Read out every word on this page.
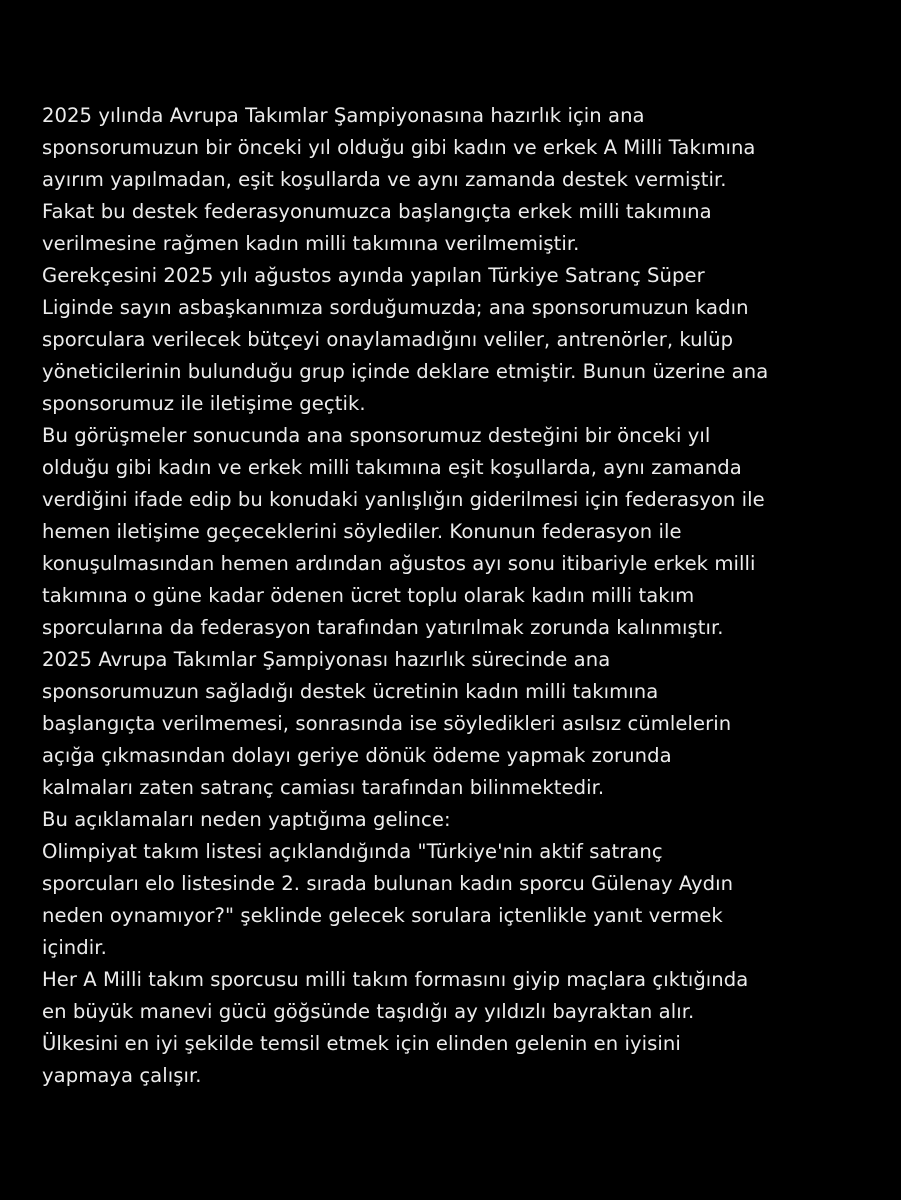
2025 yılında Avrupa Takımlar Şampiyonasına hazırlık için ana
sponsorumuzun bir önceki yıl olduğu gibi kadın ve erkek A Milli Takımına
ayırım yapılmadan, eşit koşullarda ve aynı zamanda destek vermiştir.
Fakat bu destek federasyonumuzca başlangıçta erkek milli takımına
verilmesine rağmen kadın milli takımına verilmemiştir.
Gerekçesini 2025 yılı ağustos ayında yapılan Türkiye Satranç Süper
Liginde sayın asbaşkanımıza sorduğumuzda; ana sponsorumuzun kadın
sporculara verilecek bütçeyi onaylamadığını veliler, antrenörler, kulüp
yöneticilerinin bulunduğu grup içinde deklare etmiştir. Bunun üzerine ana
sponsorumuz ile iletişime geçtik.
Bu görüşmeler sonucunda ana sponsorumuz desteğini bir önceki yıl
olduğu gibi kadın ve erkek milli takımına eşit koşullarda, aynı zamanda
verdiğini ifade edip bu konudaki yanlışlığın giderilmesi için federasyon ile
hemen iletişime geçeceklerini söylediler. Konunun federasyon ile
konuşulmasından hemen ardından ağustos ayı sonu itibariyle erkek milli
takımına o güne kadar ödenen ücret toplu olarak kadın milli takım
sporcularına da federasyon tarafından yatırılmak zorunda kalınmıştır.
2025 Avrupa Takımlar Şampiyonası hazırlık sürecinde ana
sponsorumuzun sağladığı destek ücretinin kadın milli takımına
başlangıçta verilmemesi, sonrasında ise söyledikleri asılsız cümlelerin
açığa çıkmasından dolayı geriye dönük ödeme yapmak zorunda
kalmaları zaten satranç camiası tarafından bilinmektedir.
Bu açıklamaları neden yaptığıma gelince:
Olimpiyat takım listesi açıklandığında "Türkiye'nin aktif satranç
sporcuları elo listesinde 2. sırada bulunan kadın sporcu Gülenay Aydın
neden oynamıyor?" şeklinde gelecek sorulara içtenlikle yanıt vermek
içindir.
Her A Milli takım sporcusu milli takım formasını giyip maçlara çıktığında
en büyük manevi gücü göğsünde taşıdığı ay yıldızlı bayraktan alır.
Ülkesini en iyi şekilde temsil etmek için elinden gelenin en iyisini
yapmaya çalışır.
